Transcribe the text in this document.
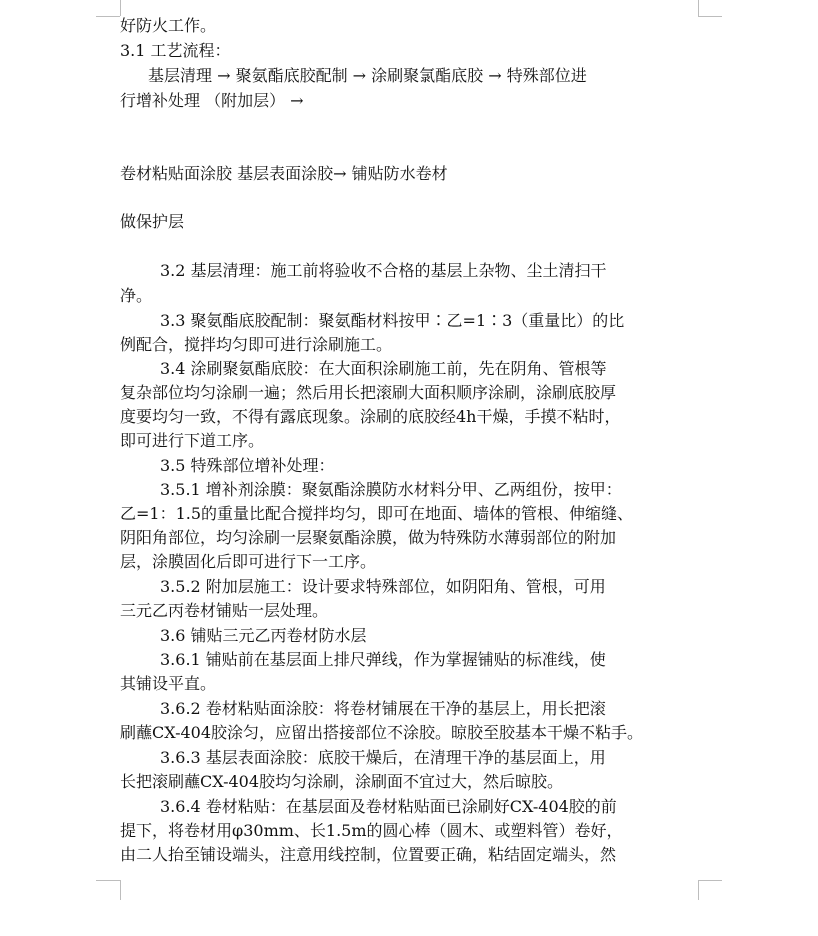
好防火工作。
3.1 工艺流程：
基层清理 → 聚氨酯底胶配制 → 涂刷聚氯酯底胶 → 特殊部位进
行增补处理 （附加层） →
卷材粘贴面涂胶 基层表面涂胶→ 铺贴防水卷材
做保护层
3.2 基层清理：施工前将验收不合格的基层上杂物、尘土清扫干
净。
3.3 聚氨酯底胶配制：聚氨酯材料按甲∶乙=1∶3（重量比）的比
例配合，搅拌均匀即可进行涂刷施工。
3.4 涂刷聚氨酯底胶：在大面积涂刷施工前，先在阴角、管根等
复杂部位均匀涂刷一遍；然后用长把滚刷大面积顺序涂刷，涂刷底胶厚
度要均匀一致，不得有露底现象。涂刷的底胶经4h干燥，手摸不粘时，
即可进行下道工序。
3.5 特殊部位增补处理：
3.5.1 增补剂涂膜：聚氨酯涂膜防水材料分甲、乙两组份，按甲：
乙=1：1.5的重量比配合搅拌均匀，即可在地面、墙体的管根、伸缩缝、
阴阳角部位，均匀涂刷一层聚氨酯涂膜，做为特殊防水薄弱部位的附加
层，涂膜固化后即可进行下一工序。
3.5.2 附加层施工：设计要求特殊部位，如阴阳角、管根，可用
三元乙丙卷材铺贴一层处理。
3.6 铺贴三元乙丙卷材防水层
3.6.1 铺贴前在基层面上排尺弹线，作为掌握铺贴的标准线，使
其铺设平直。
3.6.2 卷材粘贴面涂胶：将卷材铺展在干净的基层上，用长把滚
刷蘸CX-404胶涂匀，应留出搭接部位不涂胶。晾胶至胶基本干燥不粘手。
3.6.3 基层表面涂胶：底胶干燥后，在清理干净的基层面上，用
长把滚刷蘸CX-404胶均匀涂刷，涂刷面不宜过大，然后晾胶。
3.6.4 卷材粘贴：在基层面及卷材粘贴面已涂刷好CX-404胶的前
提下，将卷材用φ30mm、长1.5m的圆心棒（圆木、或塑料管）卷好，
由二人抬至铺设端头，注意用线控制，位置要正确，粘结固定端头，然
